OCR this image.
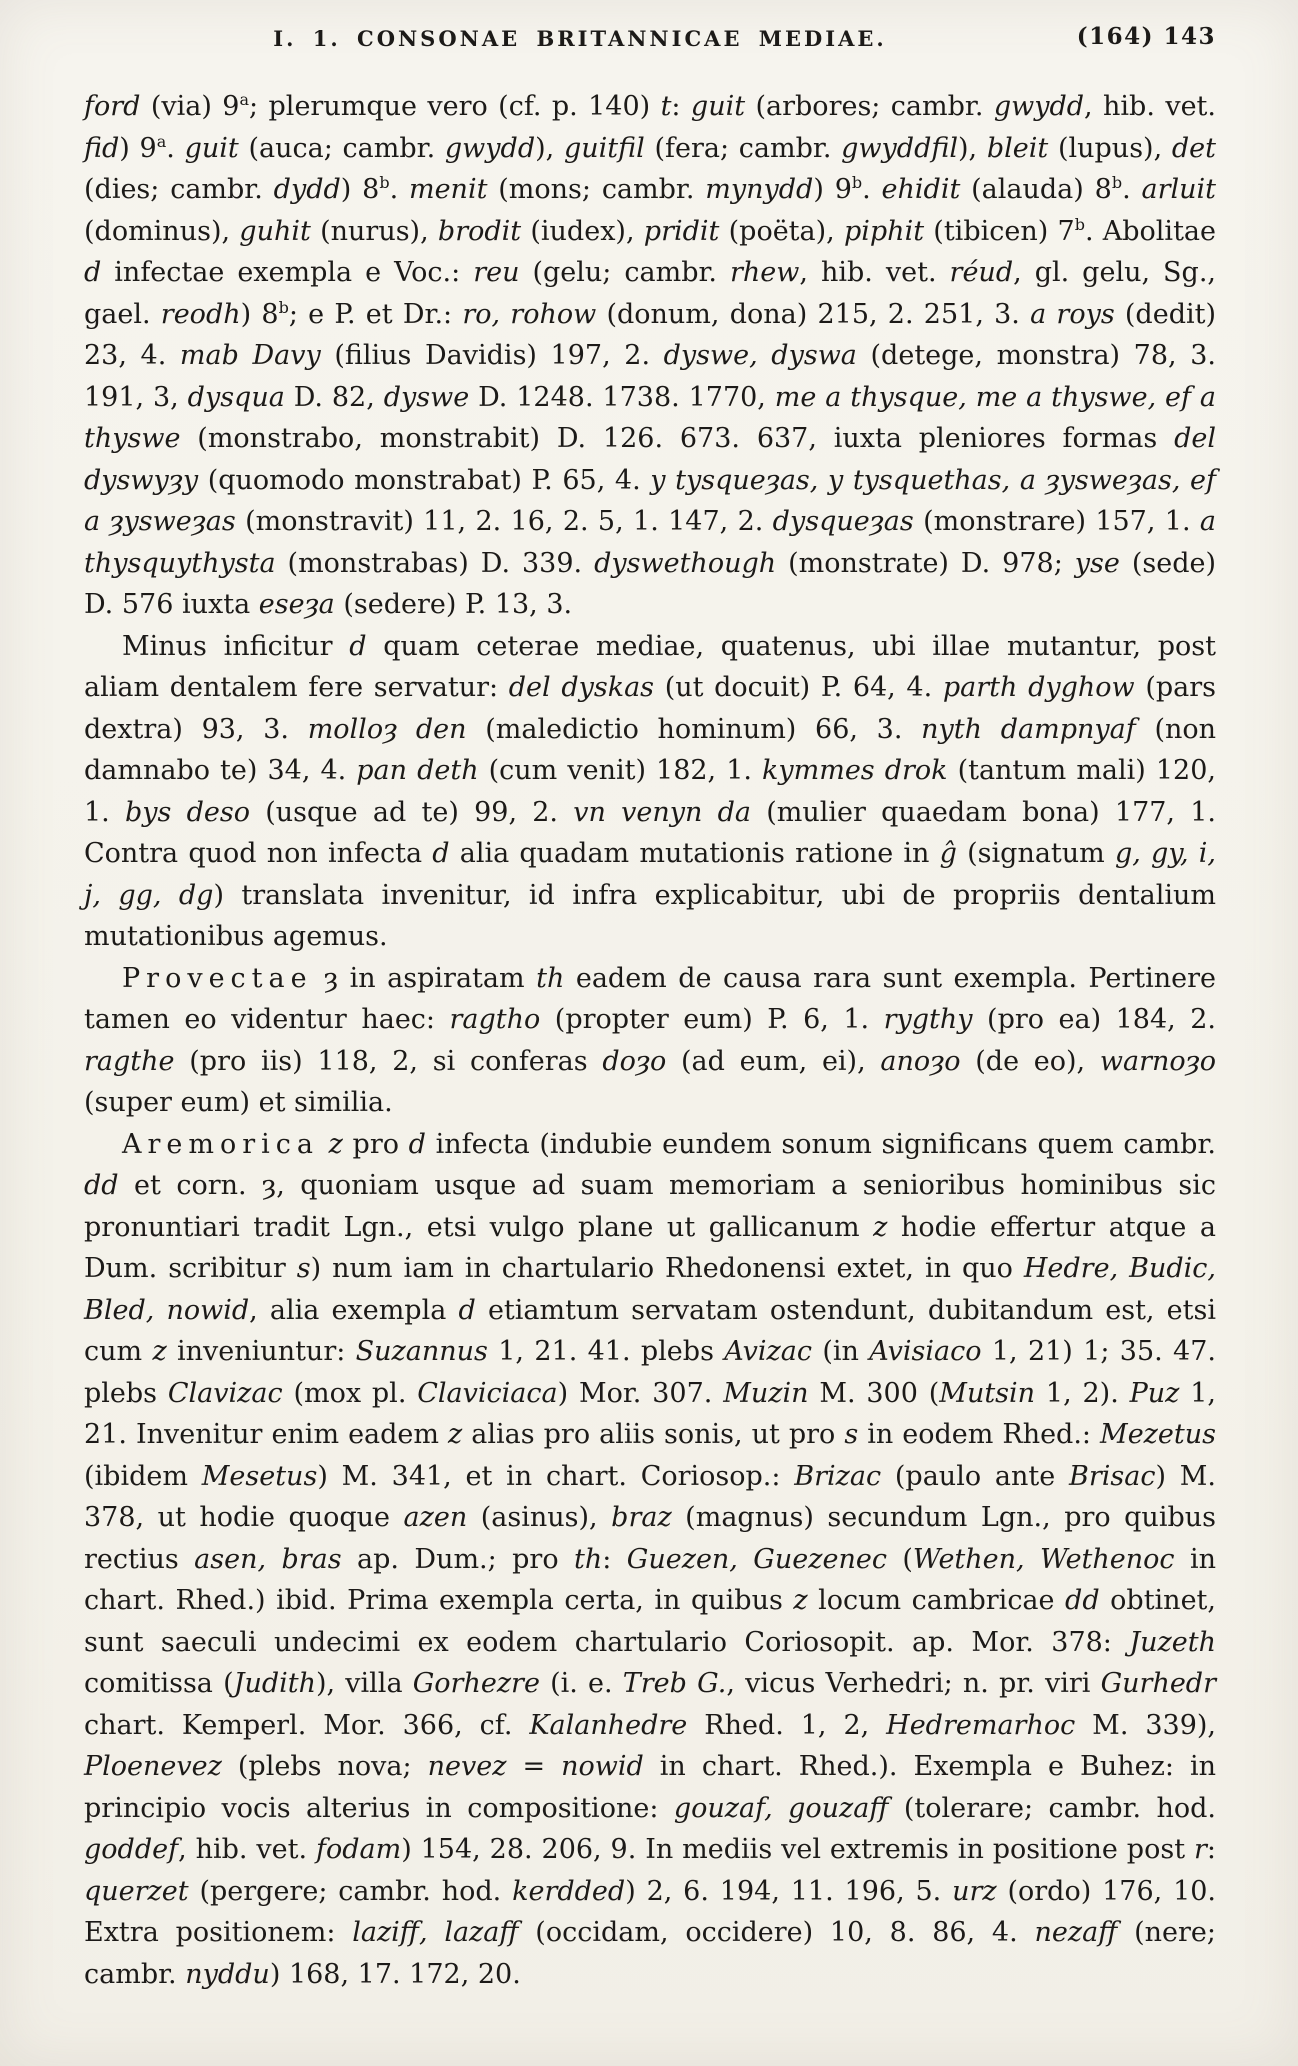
I. 1. CONSONAE BRITANNICAE MEDIAE.	(164) 143

ford (via) 9$^a$; plerumque vero (cf. p. 140) t: guit (arbores; cambr. gwydd, hib. vet. fid) 9$^a$. guit (auca; cambr. gwydd), guitfil (fera; cambr. gwyddfil), bleit (lupus), det (dies; cambr. dydd) 8$^b$. menit (mons; cambr. mynydd) 9$^b$. ehidit (alauda) 8$^b$. arluit (dominus), guhit (nurus), brodit (iudex), pridit (poëta), piphit (tibicen) 7$^b$. Abolitae d infectae exempla e Voc.: reu (gelu; cambr. rhew, hib. vet. réud, gl. gelu, Sg., gael. reodh) 8$^b$; e P. et Dr.: ro, rohow (donum, dona) 215, 2. 251, 3. a roys (dedit) 23, 4. mab Davy (filius Davidis) 197, 2. dyswe, dyswa (detege, monstra) 78, 3. 191, 3, dysqua D. 82, dyswe D. 1248. 1738. 1770, me a thysque, me a thyswe, ef a thyswe (monstrabo, monstrabit) D. 126. 673. 637, iuxta pleniores formas del dyswyȝy (quomodo monstrabat) P. 65, 4. y tysqueȝas, y tysquethas, a ȝysweȝas, ef a ȝysweȝas (monstravit) 11, 2. 16, 2. 5, 1. 147, 2. dysqueȝas (monstrare) 157, 1. a thysquythysta (monstrabas) D. 339. dyswethough (monstrate) D. 978; yse (sede) D. 576 iuxta eseȝa (sedere) P. 13, 3.

Minus inficitur d quam ceterae mediae, quatenus, ubi illae mutantur, post aliam dentalem fere servatur: del dyskas (ut docuit) P. 64, 4. parth dyghow (pars dextra) 93, 3. molloȝ den (maledictio hominum) 66, 3. nyth dampnyaf (non damnabo te) 34, 4. pan deth (cum venit) 182, 1. kymmes drok (tantum mali) 120, 1. bys deso (usque ad te) 99, 2. vn venyn da (mulier quaedam bona) 177, 1. Contra quod non infecta d alia quadam mutationis ratione in ĝ (signatum g, gy, i, j, gg, dg) translata invenitur, id infra explicabitur, ubi de propriis dentalium mutationibus agemus.

Provectae ȝ in aspiratam th eadem de causa rara sunt exempla. Pertinere tamen eo videntur haec: ragtho (propter eum) P. 6, 1. rygthy (pro ea) 184, 2. ragthe (pro iis) 118, 2, si conferas doȝo (ad eum, ei), anoȝo (de eo), warnoȝo (super eum) et similia.

Aremorica z pro d infecta (indubie eundem sonum significans quem cambr. dd et corn. ȝ, quoniam usque ad suam memoriam a senioribus hominibus sic pronuntiari tradit Lgn., etsi vulgo plane ut gallicanum z hodie effertur atque a Dum. scribitur s) num iam in chartulario Rhedonensi extet, in quo Hedre, Budic, Bled, nowid, alia exempla d etiamtum servatam ostendunt, dubitandum est, etsi cum z inveniuntur: Suzannus 1, 21. 41. plebs Avizac (in Avisiaco 1, 21) 1; 35. 47. plebs Clavizac (mox pl. Claviciaca) Mor. 307. Muzin M. 300 (Mutsin 1, 2). Puz 1, 21. Invenitur enim eadem z alias pro aliis sonis, ut pro s in eodem Rhed.: Mezetus (ibidem Mesetus) M. 341, et in chart. Coriosop.: Brizac (paulo ante Brisac) M. 378, ut hodie quoque azen (asinus), braz (magnus) secundum Lgn., pro quibus rectius asen, bras ap. Dum.; pro th: Guezen, Guezenec (Wethen, Wethenoc in chart. Rhed.) ibid. Prima exempla certa, in quibus z locum cambricae dd obtinet, sunt saeculi undecimi ex eodem chartulario Coriosopit. ap. Mor. 378: Juzeth comitissa (Judith), villa Gorhezre (i. e. Treb G., vicus Verhedri; n. pr. viri Gurhedr chart. Kemperl. Mor. 366, cf. Kalanhedre Rhed. 1, 2, Hedremarhoc M. 339), Ploenevez (plebs nova; nevez = nowid in chart. Rhed.). Exempla e Buhez: in principio vocis alterius in compositione: gouzaf, gouzaff (tolerare; cambr. hod. goddef, hib. vet. fodam) 154, 28. 206, 9. In mediis vel extremis in positione post r: querzet (pergere; cambr. hod. kerdded) 2, 6. 194, 11. 196, 5. urz (ordo) 176, 10. Extra positionem: laziff, lazaff (occidam, occidere) 10, 8. 86, 4. nezaff (nere; cambr. nyddu) 168, 17. 172, 20.
